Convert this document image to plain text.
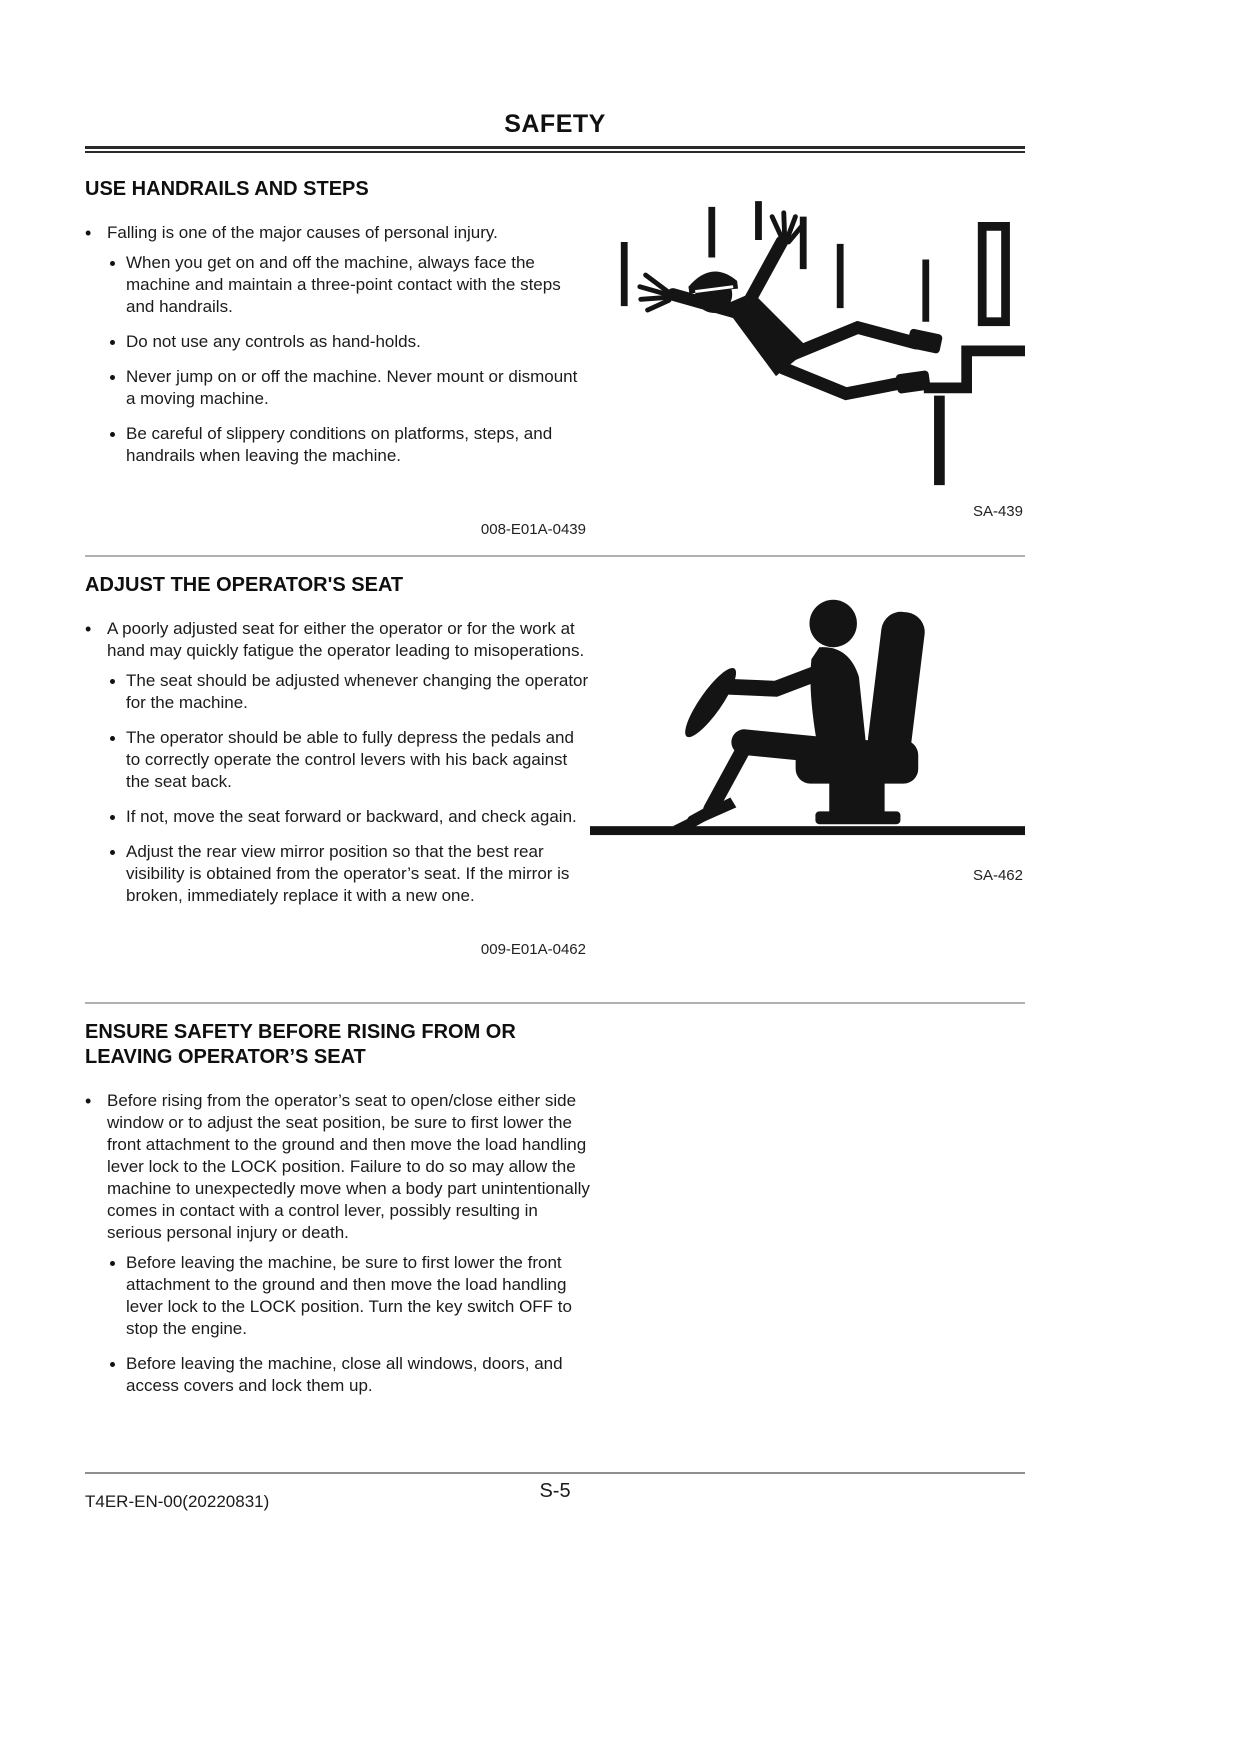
SAFETY
USE HANDRAILS AND STEPS
• Falling is one of the major causes of personal injury.

When you get on and off the machine, always face the machine and maintain a three-point contact with the steps and handrails.

Do not use any controls as hand-holds.

Never jump on or off the machine. Never mount or dismount a moving machine.

Be careful of slippery conditions on platforms, steps, and handrails when leaving the machine.

008-E01A-0439
SA-439
ADJUST THE OPERATOR'S SEAT
• A poorly adjusted seat for either the operator or for the work at hand may quickly fatigue the operator leading to misoperations.

The seat should be adjusted whenever changing the operator for the machine.

The operator should be able to fully depress the pedals and to correctly operate the control levers with his back against the seat back.

If not, move the seat forward or backward, and check again.

Adjust the rear view mirror position so that the best rear visibility is obtained from the operator’s seat. If the mirror is broken, immediately replace it with a new one.

009-E01A-0462
SA-462
ENSURE SAFETY BEFORE RISING FROM OR LEAVING OPERATOR’S SEAT
• Before rising from the operator’s seat to open/close either side window or to adjust the seat position, be sure to first lower the front attachment to the ground and then move the load handling lever lock to the LOCK position. Failure to do so may allow the machine to unexpectedly move when a body part unintentionally comes in contact with a control lever, possibly resulting in serious personal injury or death.

Before leaving the machine, be sure to first lower the front attachment to the ground and then move the load handling lever lock to the LOCK position. Turn the key switch OFF to stop the engine.

Before leaving the machine, close all windows, doors, and access covers and lock them up.

T4ER-EN-00(20220831)	S-5
